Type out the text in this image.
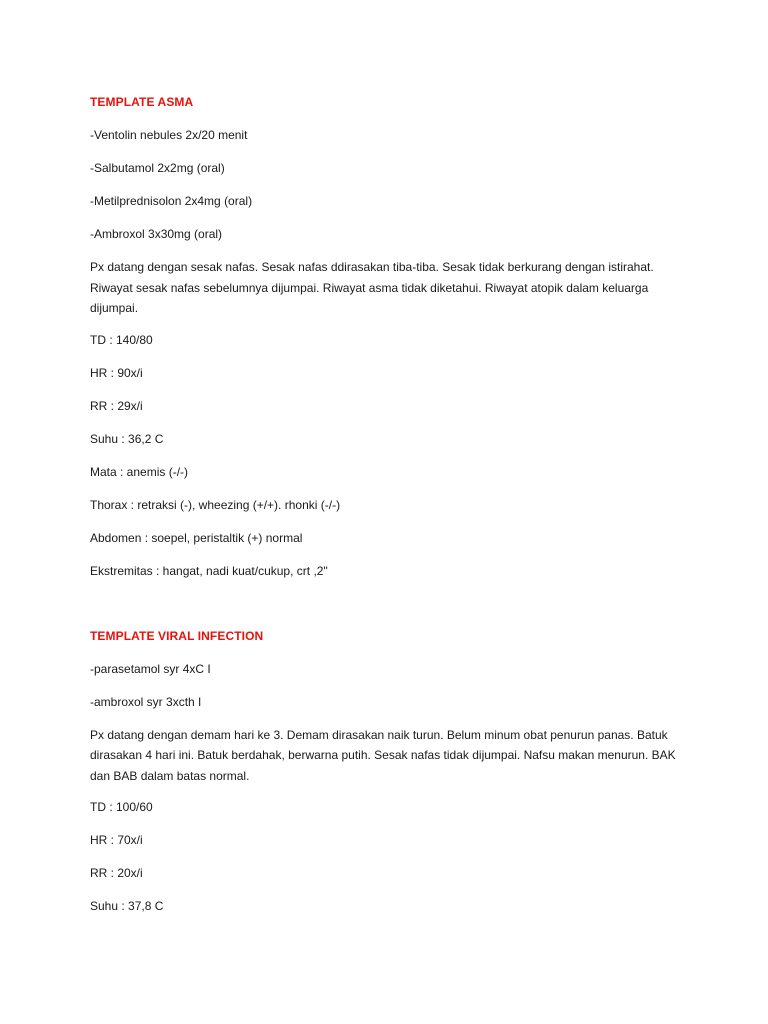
TEMPLATE ASMA
-Ventolin nebules 2x/20 menit
-Salbutamol 2x2mg (oral)
-Metilprednisolon 2x4mg (oral)
-Ambroxol 3x30mg (oral)
Px datang dengan sesak nafas. Sesak nafas ddirasakan tiba-tiba. Sesak tidak berkurang dengan istirahat. Riwayat sesak nafas sebelumnya dijumpai. Riwayat asma tidak diketahui. Riwayat atopik dalam keluarga dijumpai.
TD : 140/80
HR : 90x/i
RR : 29x/i
Suhu : 36,2 C
Mata : anemis (-/-)
Thorax : retraksi (-), wheezing (+/+). rhonki (-/-)
Abdomen : soepel, peristaltik (+) normal
Ekstremitas : hangat, nadi kuat/cukup, crt ,2"
TEMPLATE VIRAL INFECTION
-parasetamol syr 4xC I
-ambroxol syr 3xcth I
Px datang dengan demam hari ke 3. Demam dirasakan naik turun. Belum minum obat penurun panas. Batuk dirasakan 4 hari ini. Batuk berdahak, berwarna putih. Sesak nafas tidak dijumpai. Nafsu makan menurun. BAK dan BAB dalam batas normal.
TD : 100/60
HR : 70x/i
RR : 20x/i
Suhu : 37,8 C
